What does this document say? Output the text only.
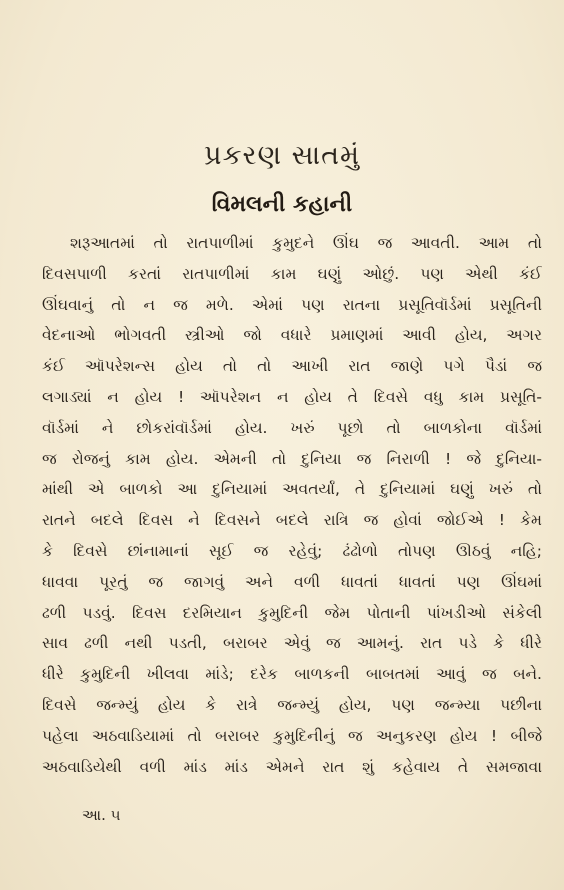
પ્રકરણ સાતમું
વિમલની કહાની
શરૂઆતમાં તો રાતપાળીમાં કુમુદને ઊંઘ જ આવતી. આમ તો
દિવસપાળી કરતાં રાતપાળીમાં કામ ઘણું ઓછું. પણ એથી કંઈ
ઊંઘવાનું તો ન જ મળે. એમાં પણ રાતના પ્રસૂતિવૉર્ડમાં પ્રસૂતિની
વેદનાઓ ભોગવતી સ્ત્રીઓ જો વધારે પ્રમાણમાં આવી હોય, અગર
કંઈ ઑપરેશન્સ હોય તો તો આખી રાત જાણે પગે પૈડાં જ
લગાડ્યાં ન હોય ! ઑપરેશન ન હોય તે દિવસે વધુ કામ પ્રસૂતિ-
વૉર્ડમાં ને છોકરાંવૉર્ડમાં હોય. ખરું પૂછો તો બાળકોના વૉર્ડમાં
જ રોજનું કામ હોય. એમની તો દુનિયા જ નિરાળી ! જે દુનિયા-
માંથી એ બાળકો આ દુનિયામાં અવતર્યાં, તે દુનિયામાં ઘણું ખરું તો
રાતને બદલે દિવસ ને દિવસને બદલે રાત્રિ જ હોવાં જોઈએ ! કેમ
કે દિવસે છાંનામાનાં સૂઈ જ રહેવું; ઢંઢોળો તોપણ ઊઠવું નહિ;
ધાવવા પૂરતું જ જાગવું અને વળી ધાવતાં ધાવતાં પણ ઊંઘમાં
ઢળી પડવું. દિવસ દરમિયાન કુમુદિની જેમ પોતાની પાંખડીઓ સંકેલી
સાવ ઢળી નથી પડતી, બરાબર એવું જ આમનું. રાત પડે કે ધીરે
ધીરે કુમુદિની ખીલવા માંડે; દરેક બાળકની બાબતમાં આવું જ બને.
દિવસે જન્મ્યું હોય કે રાત્રે જન્મ્યું હોય, પણ જન્મ્યા પછીના
પહેલા અઠવાડિયામાં તો બરાબર કુમુદિનીનું જ અનુકરણ હોય ! બીજે
અઠવાડિયેથી વળી માંડ માંડ એમને રાત શું કહેવાય તે સમજાવા
આ. ૫
